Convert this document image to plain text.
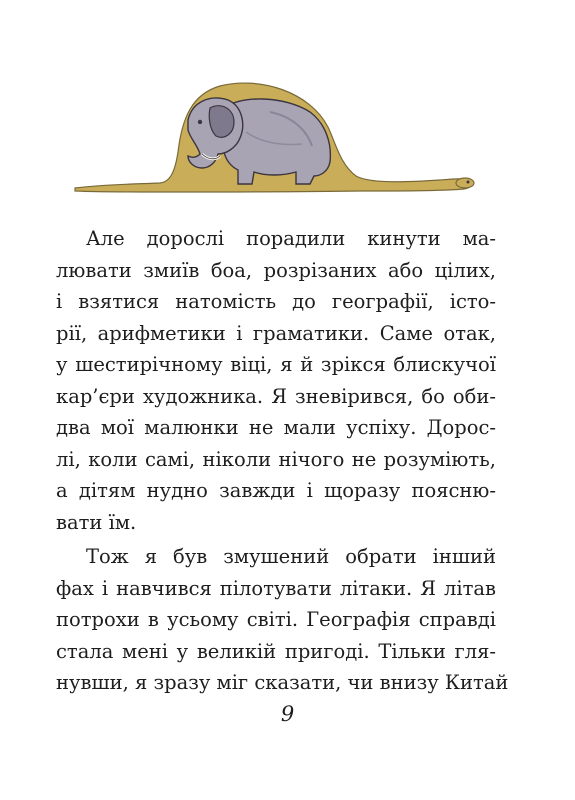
Але дорослі порадили кинути ма-
лювати змиїв боа, розрізаних або цілих,
і взятися натомість до географії, істо-
рії, арифметики і граматики. Саме отак,
у шестирічному віці, я й зрікся блискучої
кар’єри художника. Я зневірився, бо оби-
два мої малюнки не мали успіху. Дорос-
лі, коли самі, ніколи нічого не розуміють,
а дітям нудно завжди і щоразу поясню-
вати їм.
Тож я був змушений обрати інший
фах і навчився пілотувати літаки. Я літав
потрохи в усьому світі. Географія справді
стала мені у великій пригоді. Тільки гля-
нувши, я зразу міг сказати, чи внизу Китай
9
